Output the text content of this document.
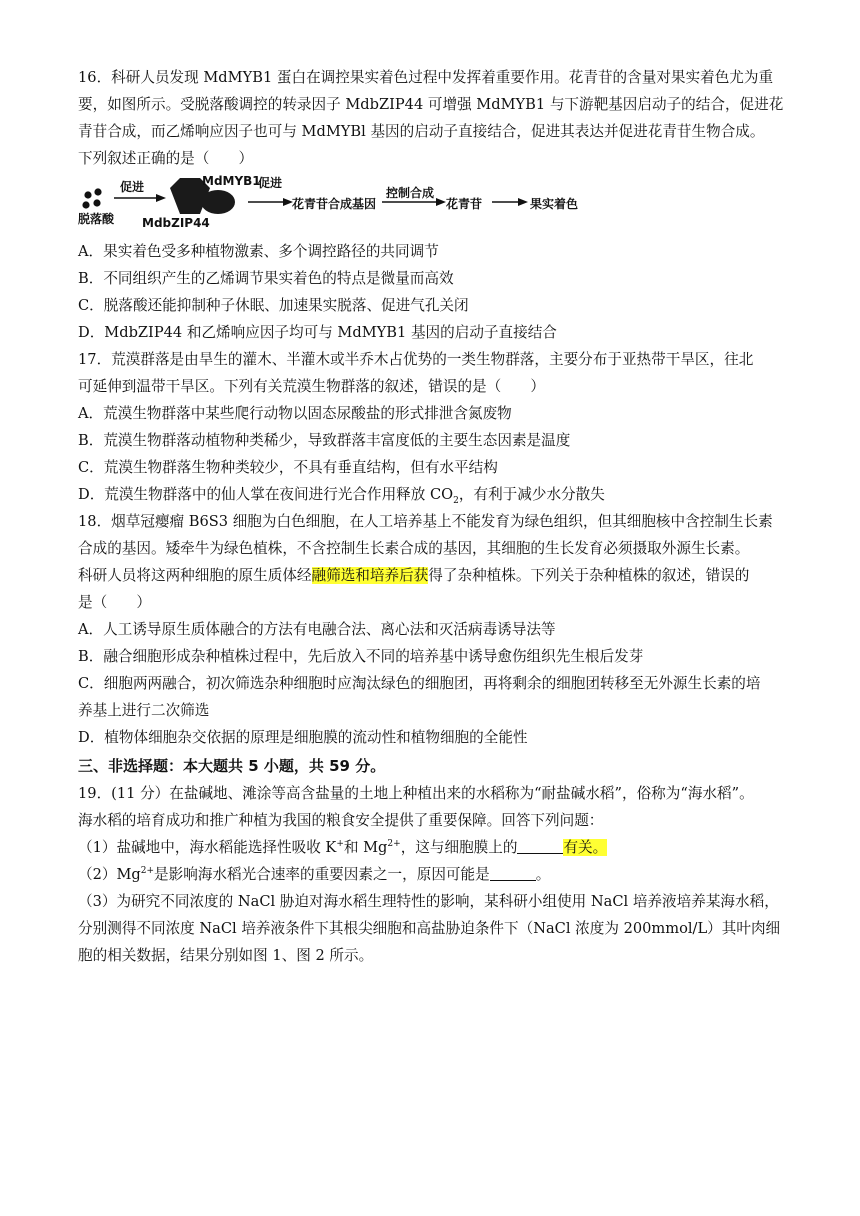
16．科研人员发现 MdMYB1 蛋白在调控果实着色过程中发挥着重要作用。花青苷的含量对果实着色尤为重

要，如图所示。受脱落酸调控的转录因子 MdbZIP44 可增强 MdMYB1 与下游靶基因启动子的结合，促进花

青苷合成，而乙烯响应因子也可与 MdMYBl 基因的启动子直接结合，促进其表达并促进花青苷生物合成。

下列叙述正确的是（　　）

脱落酸
促进	MdMYB1
促进
MdbZIP44
花青苷合成基因
控制合成
花青苷	果实着色

A．果实着色受多种植物激素、多个调控路径的共同调节

B．不同组织产生的乙烯调节果实着色的特点是微量而高效

C．脱落酸还能抑制种子休眠、加速果实脱落、促进气孔关闭

D．MdbZIP44 和乙烯响应因子均可与 MdMYB1 基因的启动子直接结合

17．荒漠群落是由旱生的灌木、半灌木或半乔木占优势的一类生物群落，主要分布于亚热带干旱区，往北

可延伸到温带干旱区。下列有关荒漠生物群落的叙述，错误的是（　　）

A．荒漠生物群落中某些爬行动物以固态尿酸盐的形式排泄含氮废物

B．荒漠生物群落动植物种类稀少，导致群落丰富度低的主要生态因素是温度

C．荒漠生物群落生物种类较少，不具有垂直结构，但有水平结构

D．荒漠生物群落中的仙人掌在夜间进行光合作用释放 $CO_2$，有利于减少水分散失

18．烟草冠瘿瘤 B6S3 细胞为白色细胞，在人工培养基上不能发育为绿色组织，但其细胞核中含控制生长素

合成的基因。矮牵牛为绿色植株，不含控制生长素合成的基因，其细胞的生长发育必须摄取外源生长素。

科研人员将这两种细胞的原生质体经融筛选和培养后获得了杂种植株。下列关于杂种植株的叙述，错误的

是（　　）

A．人工诱导原生质体融合的方法有电融合法、离心法和灭活病毒诱导法等

B．融合细胞形成杂种植株过程中，先后放入不同的培养基中诱导愈伤组织先生根后发芽

C．细胞两两融合，初次筛选杂种细胞时应淘汰绿色的细胞团，再将剩余的细胞团转移至无外源生长素的培

养基上进行二次筛选

D．植物体细胞杂交依据的原理是细胞膜的流动性和植物细胞的全能性

三、非选择题：本大题共 5 小题，共 59 分。

19．(11 分）在盐碱地、滩涂等高含盐量的土地上种植出来的水稻称为“耐盐碱水稻”，俗称为“海水稻”。

海水稻的培育成功和推广种植为我国的粮食安全提供了重要保障。回答下列问题：

（1）盐碱地中，海水稻能选择性吸收 K+和 $Mg^{2+}$，这与细胞膜上的	有关。

$(2)Mg^{2+}$是影响海水稻光合速率的重要因素之一，原因可能是	。

（3）为研究不同浓度的 NaCl 胁迫对海水稻生理特性的影响，某科研小组使用 NaCl 培养液培养某海水稻，

分别测得不同浓度 NaCl 培养液条件下其根尖细胞和高盐胁迫条件下（NaCl 浓度为 200mmol/L）其叶肉细

胞的相关数据，结果分别如图 1、图 2 所示。
